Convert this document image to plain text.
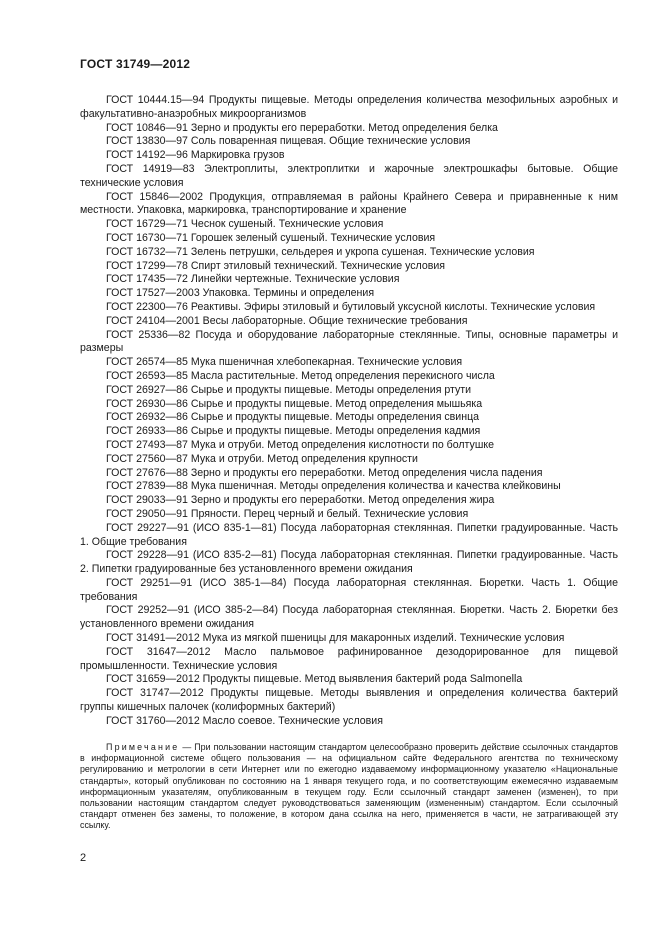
ГОСТ 31749—2012

ГОСТ 10444.15—94 Продукты пищевые. Методы определения количества мезофильных аэробных и факультативно-анаэробных микроорганизмов

ГОСТ 10846—91 Зерно и продукты его переработки. Метод определения белка

ГОСТ 13830—97 Соль поваренная пищевая. Общие технические условия

ГОСТ 14192—96 Маркировка грузов

ГОСТ 14919—83 Электроплиты, электроплитки и жарочные электрошкафы бытовые. Общие технические условия

ГОСТ 15846—2002 Продукция, отправляемая в районы Крайнего Севера и приравненные к ним местности. Упаковка, маркировка, транспортирование и хранение

ГОСТ 16729—71 Чеснок сушеный. Технические условия

ГОСТ 16730—71 Горошек зеленый сушеный. Технические условия

ГОСТ 16732—71 Зелень петрушки, сельдерея и укропа сушеная. Технические условия

ГОСТ 17299—78 Спирт этиловый технический. Технические условия

ГОСТ 17435—72 Линейки чертежные. Технические условия

ГОСТ 17527—2003 Упаковка. Термины и определения

ГОСТ 22300—76 Реактивы. Эфиры этиловый и бутиловый уксусной кислоты. Технические условия

ГОСТ 24104—2001 Весы лабораторные. Общие технические требования

ГОСТ 25336—82 Посуда и оборудование лабораторные стеклянные. Типы, основные параметры и размеры

ГОСТ 26574—85 Мука пшеничная хлебопекарная. Технические условия

ГОСТ 26593—85 Масла растительные. Метод определения перекисного числа

ГОСТ 26927—86 Сырье и продукты пищевые. Методы определения ртути

ГОСТ 26930—86 Сырье и продукты пищевые. Метод определения мышьяка

ГОСТ 26932—86 Сырье и продукты пищевые. Методы определения свинца

ГОСТ 26933—86 Сырье и продукты пищевые. Методы определения кадмия

ГОСТ 27493—87 Мука и отруби. Метод определения кислотности по болтушке

ГОСТ 27560—87 Мука и отруби. Метод определения крупности

ГОСТ 27676—88 Зерно и продукты его переработки. Метод определения числа падения

ГОСТ 27839—88 Мука пшеничная. Методы определения количества и качества клейковины

ГОСТ 29033—91 Зерно и продукты его переработки. Метод определения жира

ГОСТ 29050—91 Пряности. Перец черный и белый. Технические условия

ГОСТ 29227—91 (ИСО 835-1—81) Посуда лабораторная стеклянная. Пипетки градуированные. Часть 1. Общие требования

ГОСТ 29228—91 (ИСО 835-2—81) Посуда лабораторная стеклянная. Пипетки градуированные. Часть 2. Пипетки градуированные без установленного времени ожидания

ГОСТ 29251—91 (ИСО 385-1—84) Посуда лабораторная стеклянная. Бюретки. Часть 1. Общие требования

ГОСТ 29252—91 (ИСО 385-2—84) Посуда лабораторная стеклянная. Бюретки. Часть 2. Бюретки без установленного времени ожидания

ГОСТ 31491—2012 Мука из мягкой пшеницы для макаронных изделий. Технические условия

ГОСТ 31647—2012 Масло пальмовое рафинированное дезодорированное для пищевой промышленности. Технические условия

ГОСТ 31659—2012 Продукты пищевые. Метод выявления бактерий рода Salmonella

ГОСТ 31747—2012 Продукты пищевые. Методы выявления и определения количества бактерий группы кишечных палочек (колиформных бактерий)

ГОСТ 31760—2012 Масло соевое. Технические условия

Примечание — При пользовании настоящим стандартом целесообразно проверить действие ссылочных стандартов в информационной системе общего пользования — на официальном сайте Федерального агентства по техническому регулированию и метрологии в сети Интернет или по ежегодно издаваемому информационному указателю «Национальные стандарты», который опубликован по состоянию на 1 января текущего года, и по соответствующим ежемесячно издаваемым информационным указателям, опубликованным в текущем году. Если ссылочный стандарт заменен (изменен), то при пользовании настоящим стандартом следует руководствоваться заменяющим (измененным) стандартом. Если ссылочный стандарт отменен без замены, то положение, в котором дана ссылка на него, применяется в части, не затрагивающей эту ссылку.
2
